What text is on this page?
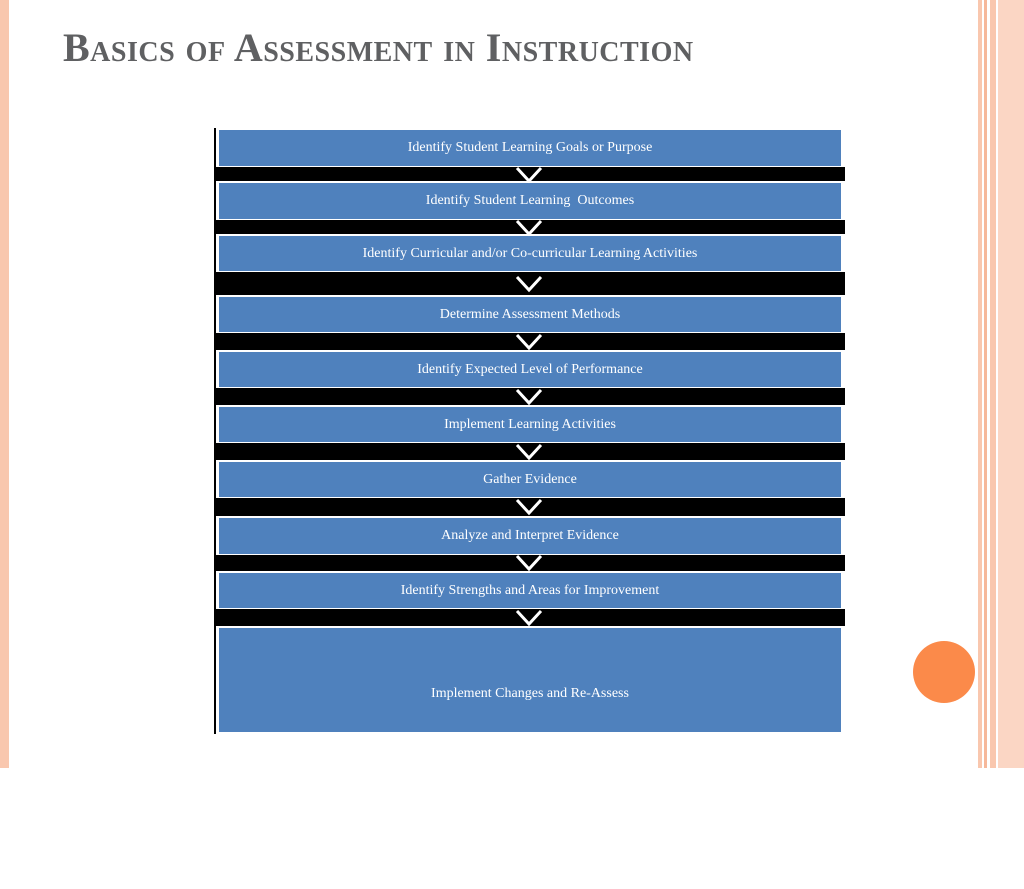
Basics of Assessment in Instruction
Identify Student Learning Goals or Purpose
Identify Student Learning  Outcomes
Identify Curricular and/or Co-curricular Learning Activities
Determine Assessment Methods
Identify Expected Level of Performance
Implement Learning Activities
Gather Evidence
Analyze and Interpret Evidence
Identify Strengths and Areas for Improvement

Implement Changes and Re-Assess

or

Identify Next Student Learning Outcome
